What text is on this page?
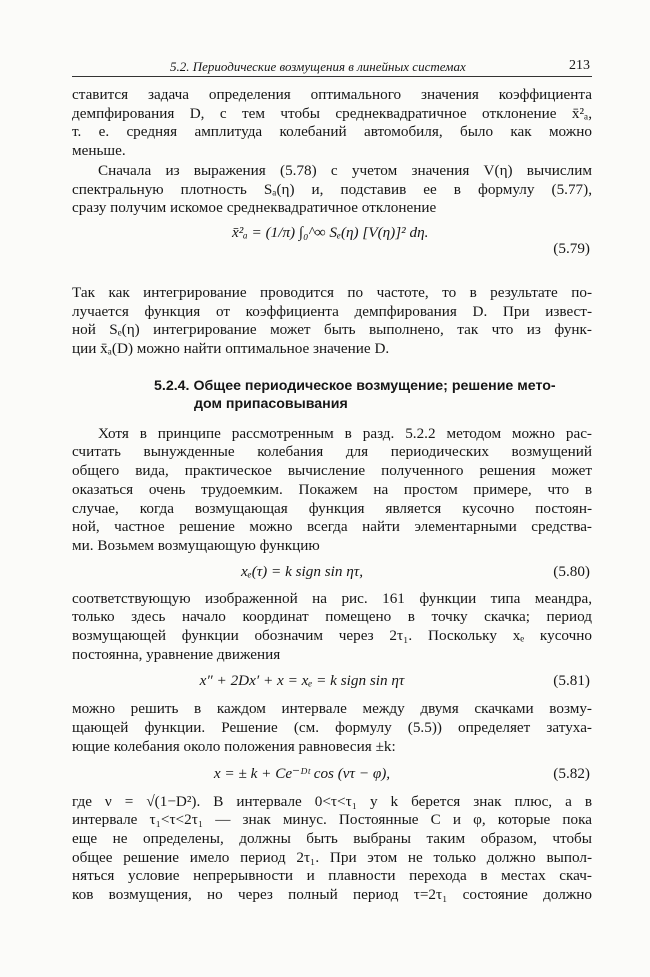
5.2. Периодические возмущения в линейных системах	213

ставится задача определения оптимального значения коэффициента
демпфирования D, с тем чтобы среднеквадратичное отклонение x̄²ₐ,
т. е. средняя амплитуда колебаний автомобиля, было как можно
меньше.

Сначала из выражения (5.78) с учетом значения V(η) вычислим
спектральную плотность Sₐ(η) и, подставив ее в формулу (5.77),
сразу получим искомое среднеквадратичное отклонение

x̄²ₐ = (1/π) ∫₀^∞ Sₑ(η) [V(η)]² dη.
(5.79)

Так как интегрирование проводится по частоте, то в результате по-
лучается функция от коэффициента демпфирования D. При извест-
ной Sₑ(η) интегрирование может быть выполнено, так что из функ-
ции x̄ₐ(D) можно найти оптимальное значение D.

5.2.4. Общее периодическое возмущение; решение мето-
дом припасовывания

Хотя в принципе рассмотренным в разд. 5.2.2 методом можно рас-
считать вынужденные колебания для периодических возмущений
общего вида, практическое вычисление полученного решения может
оказаться очень трудоемким. Покажем на простом примере, что в
случае, когда возмущающая функция является кусочно постоян-
ной, частное решение можно всегда найти элементарными средства-
ми. Возьмем возмущающую функцию

xₑ(τ) = k sign sin ητ,	(5.80)

соответствующую изображенной на рис. 161 функции типа меандра,
только здесь начало координат помещено в точку скачка; период
возмущающей функции обозначим через 2τ₁. Поскольку xₑ кусочно
постоянна, уравнение движения

x″ + 2Dx′ + x = xₑ = k sign sin ητ	(5.81)

можно решить в каждом интервале между двумя скачками возму-
щающей функции. Решение (см. формулу (5.5)) определяет затуха-
ющие колебания около положения равновесия ±k:

x = ± k + Ce⁻ᴰᵗ cos (ντ − φ),	(5.82)

где ν = √(1−D²). В интервале 0<τ<τ₁ у k берется знак плюс, а в
интервале τ₁<τ<2τ₁ — знак минус. Постоянные C и φ, которые пока
еще не определены, должны быть выбраны таким образом, чтобы
общее решение имело период 2τ₁. При этом не только должно выпол-
няться условие непрерывности и плавности перехода в местах скач-
ков возмущения, но через полный период τ=2τ₁ состояние должно
